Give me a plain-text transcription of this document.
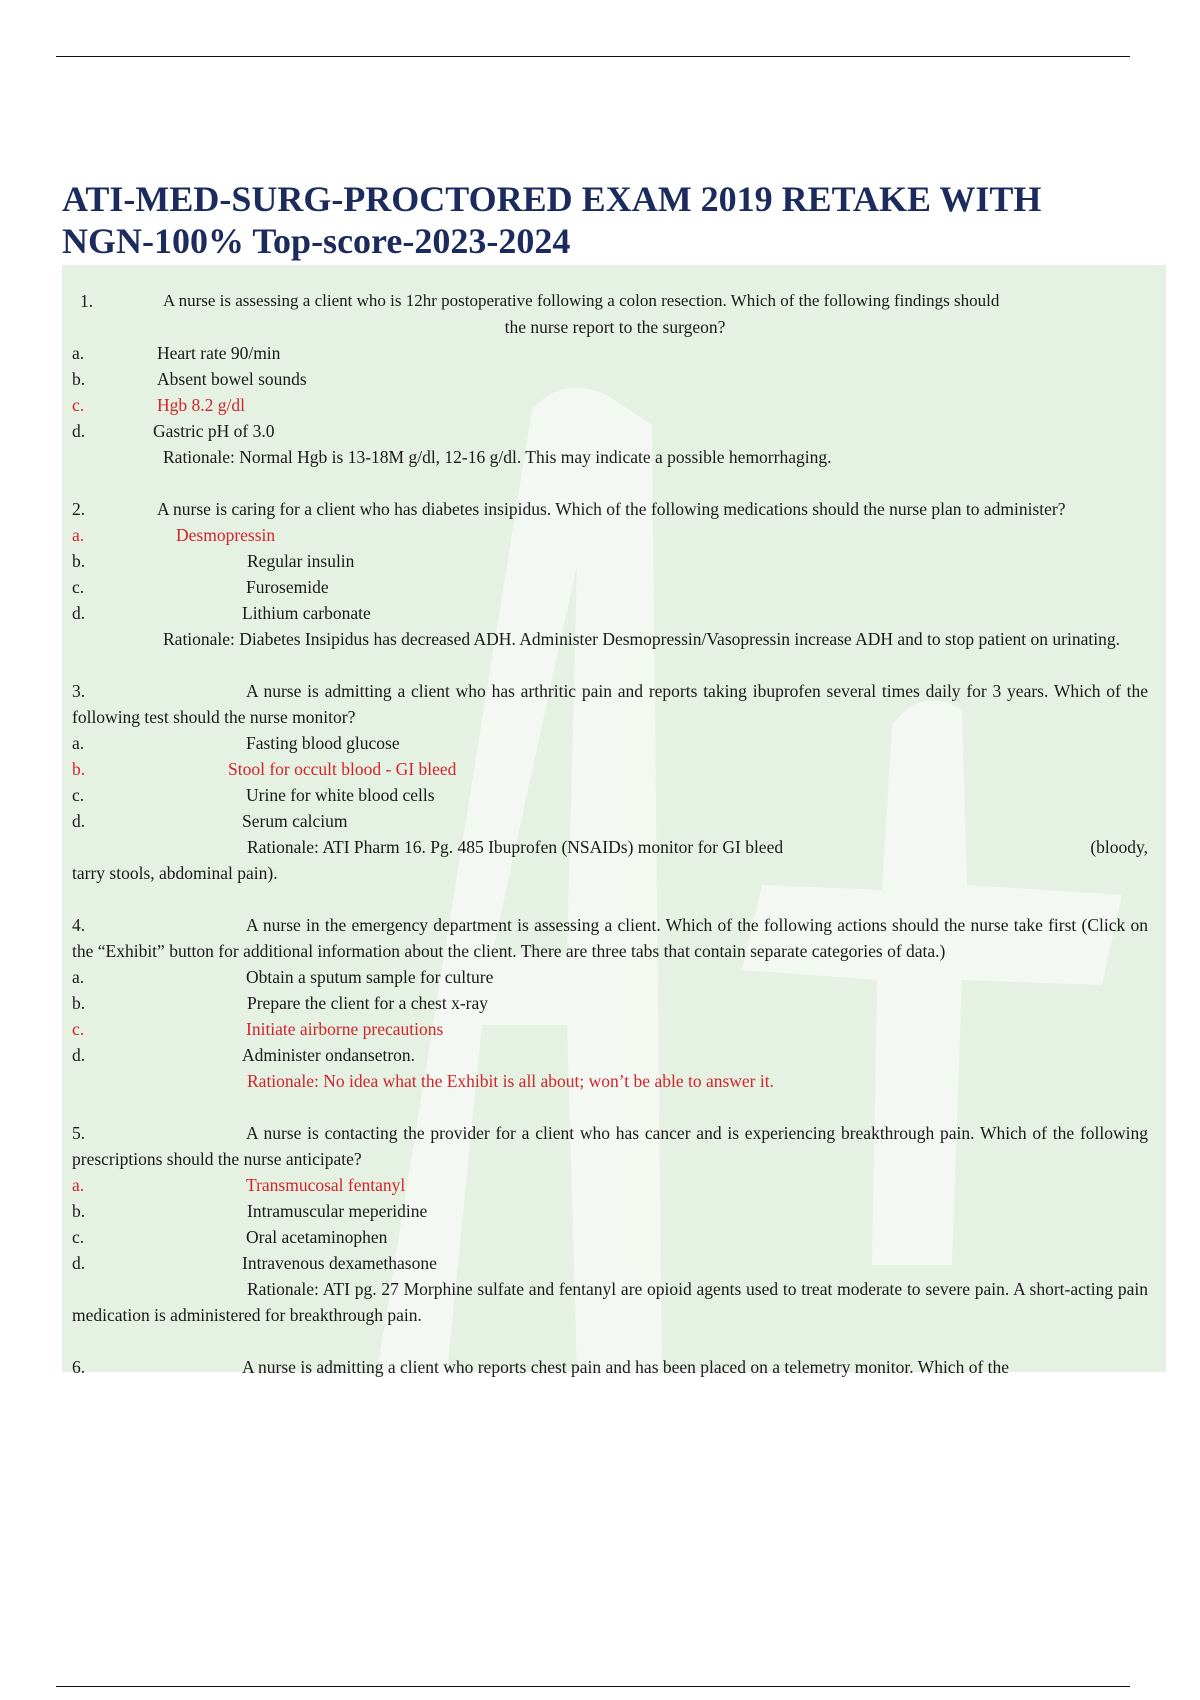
ATI-MED-SURG-PROCTORED EXAM 2019 RETAKE WITH NGN-100% Top-score-2023-2024
1.	A nurse is assessing a client who is 12hr postoperative following a colon resection. Which of the following findings should
the nurse report to the surgeon?
a.	Heart rate 90/min
b.	Absent bowel sounds
c.	Hgb 8.2 g/dl
d.	Gastric pH of 3.0
Rationale: Normal Hgb is 13-18M g/dl, 12-16 g/dl. This may indicate a possible hemorrhaging.
2.	A nurse is caring for a client who has diabetes insipidus. Which of the following medications should the nurse plan to administer?
a.	Desmopressin
b.	Regular insulin
c.	Furosemide
d.	Lithium carbonate
Rationale: Diabetes Insipidus has decreased ADH. Administer Desmopressin/Vasopressin increase ADH and to stop patient on urinating.
3.	A nurse is admitting a client who has arthritic pain and reports taking ibuprofen several times daily for 3 years. Which of the following test should the nurse monitor?
a.	Fasting blood glucose
b.	Stool for occult blood - GI bleed
c.	Urine for white blood cells
d.	Serum calcium
Rationale: ATI Pharm 16. Pg. 485 Ibuprofen (NSAIDs) monitor for GI bleed	(bloody,
tarry stools, abdominal pain).
4.	A nurse in the emergency department is assessing a client. Which of the following actions should the nurse take first (Click on the “Exhibit” button for additional information about the client. There are three tabs that contain separate categories of data.)
a.	Obtain a sputum sample for culture
b.	Prepare the client for a chest x-ray
c.	Initiate airborne precautions
d.	Administer ondansetron.
Rationale: No idea what the Exhibit is all about; won’t be able to answer it.
5.	A nurse is contacting the provider for a client who has cancer and is experiencing breakthrough pain. Which of the following prescriptions should the nurse anticipate?
a.	Transmucosal fentanyl
b.	Intramuscular meperidine
c.	Oral acetaminophen
d.	Intravenous dexamethasone
Rationale: ATI pg. 27 Morphine sulfate and fentanyl are opioid agents used to treat moderate to severe pain. A short-acting pain medication is administered for breakthrough pain.
6.	A nurse is admitting a client who reports chest pain and has been placed on a telemetry monitor. Which of the
